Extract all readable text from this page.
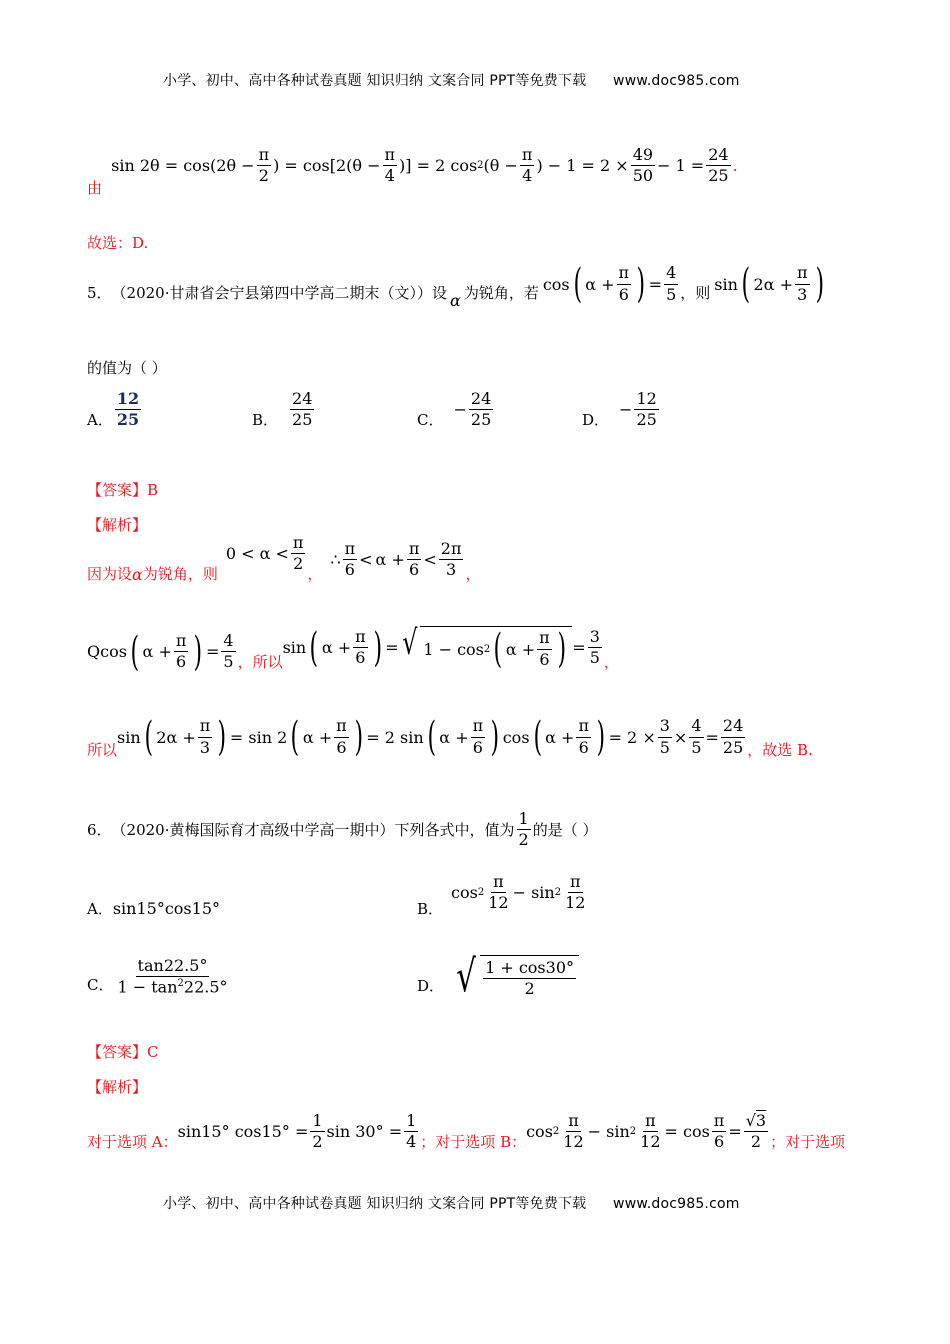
小学、初中、高中各种试卷真题 知识归纳 文案合同 PPT等免费下载 www.doc985.com
由
$\sin 2\theta = \cos(2\theta - \frac{\pi}{2}$ ) = $\cos[2(\theta - \frac{\pi}{4}$ )] = 2 cos 2 ($\theta - \frac{\pi}{4}$ ) − $1 = 2 \times \frac{49}{50} - 1 = \frac{24}{25}$ .
故选：D.
5． （2020·甘肃省会宁县第四中学高二期末（文））设 α 为锐角，若 cos ( $\alpha + \frac{\pi}{6}$ ) = $\frac{4}{5}$ ，则 sin ( $2\alpha + \frac{\pi}{3}$ )
的值为（ ）
A． $\frac{12}{25}$	B． $\frac{24}{25}$	C．
− $\frac{24}{25}$	D．
− $\frac{12}{25}$
【答案】B
【解析】
因为设 α 为锐角，则
$0 < \alpha < \frac{\pi}{2}$ ，
∴ $\frac{\pi}{6} < \alpha + \frac{\pi}{6} < \frac{2\pi}{3}$ ，
Q cos ( $\alpha + \frac{\pi}{6}$ ) = $\frac{4}{5}$ ，所以
sin ( $\alpha + \frac{\pi}{6}$ ) = √ 1 − cos 2 ( $\alpha + \frac{\pi}{6}$ ) = $\frac{3}{5}$ ，
所以
sin ( $2\alpha + \frac{\pi}{3}$ ) = sin 2 ( $\alpha + \frac{\pi}{6}$ ) = 2 sin ( $\alpha + \frac{\pi}{6}$ ) cos ( $\alpha + \frac{\pi}{6}$ ) = $2 \times \frac{3}{5} \times \frac{4}{5} = \frac{24}{25}$ ，故选 B.
6． （2020·黄梅国际育才高级中学高一期中）下列各式中，值为 $\frac{1}{2}$ 的是（ ）
A． sin15°cos15°	B．
$\cos 2 \frac{\pi}{12} - \sin 2 \frac{\pi}{12}$
C． $\frac{\tan 22.5^\circ}{1 - \tan^222.5^\circ}$	D． √ $\frac{1 + \cos 30^\circ}{2}$
【答案】C
【解析】
对于选项 A：
sin15° $\cos 15^\circ = \frac{1}{2}$ $\sin 30^\circ = \frac{1}{4}$ ；对于选项 B：
$\cos 2 \frac{\pi}{12} - \sin 2 \frac{\pi}{12} = \cos \frac{\pi}{6} = \frac{√3}{2}$ ；对于选项
小学、初中、高中各种试卷真题 知识归纳 文案合同 PPT等免费下载 www.doc985.com
